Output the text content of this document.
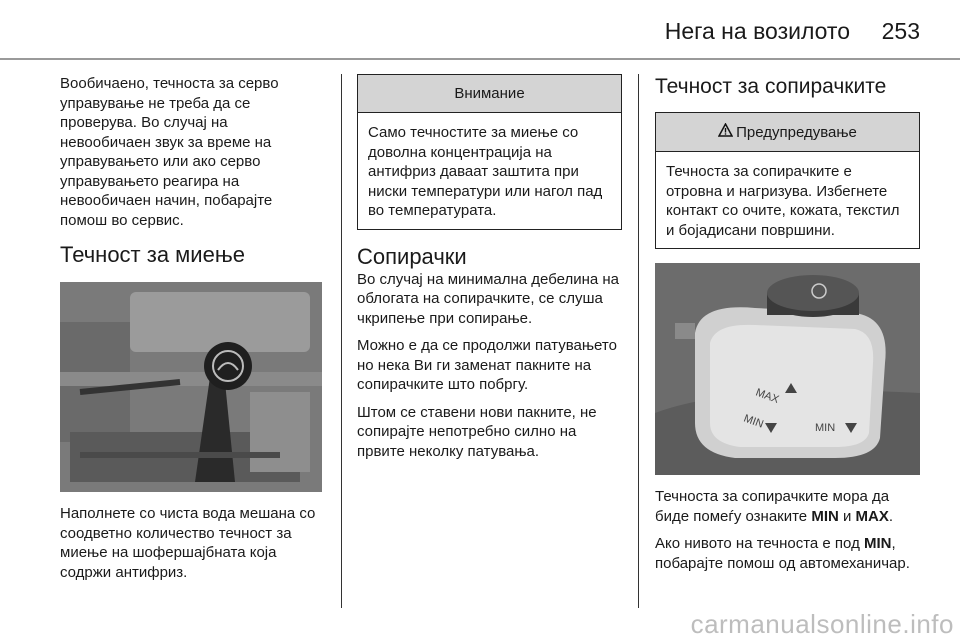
Нега на возилото 253

Вообичаено, течноста за серво управувањe не треба да се проверува. Во случај на невообичаен звук за време на управувањето или ако серво управувањето реагира на невообичаен начин, побарајте помош во сервис.

Течност за миење

Наполнете со чиста вода мешана со соодветно количество течност за миење на шофершајбната која содржи антифриз.

Внимание
Само течностите за миење со доволна концентрација на антифриз даваат заштита при ниски температури или нагол пад во температурата.
Сопирачки

Во случај на минимална дебелина на облогата на сопирачките, се слуша чкрипење при сопирање.

Можно е да се продолжи патувањето но нека Ви ги заменат пакните на сопирачките што побргу.

Штом се ставени нови пакните, не сопирајте непотребно силно на првите неколку патувања.

Течност за сопирачките
Предупредување
Течноста за сопирачките е отровна и нагризува. Избегнете контакт со очите, кожата, текстил и бојадисани површини.
MAX
MIN	MIN

Течноста за сопирачките мора да биде помеѓу ознаките MIN и MAX.

Ако нивото на течноста е под MIN, побарајте помош од автомеханичар.

carmanualsonline.info
